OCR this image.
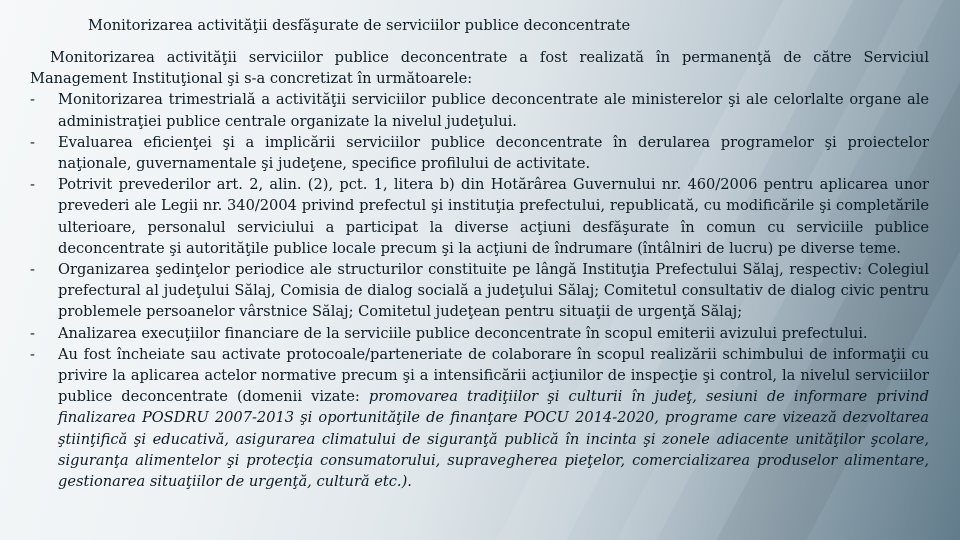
Monitorizarea activităţii desfăşurate de serviciilor publice deconcentrate

Monitorizarea activităţii serviciilor publice deconcentrate a fost realizată în permanenţă de către Serviciul Management Instituţional şi s-a concretizat în următoarele:

- Monitorizarea trimestrială a activităţii serviciilor publice deconcentrate ale ministerelor şi ale celorlalte organe ale administraţiei publice centrale organizate la nivelul judeţului.
- Evaluarea eficienţei şi a implicării serviciilor publice deconcentrate în derularea programelor şi proiectelor naţionale, guvernamentale şi judeţene, specifice profilului de activitate.
- Potrivit prevederilor art. 2, alin. (2), pct. 1, litera b) din Hotărârea Guvernului nr. 460/2006 pentru aplicarea unor prevederi ale Legii nr. 340/2004 privind prefectul şi instituţia prefectului, republicată, cu modificările şi completările ulterioare, personalul serviciului a participat la diverse acţiuni desfăşurate în comun cu serviciile publice deconcentrate şi autorităţile publice locale precum şi la acţiuni de îndrumare (întâlniri de lucru) pe diverse teme.
- Organizarea şedinţelor periodice ale structurilor constituite pe lângă Instituţia Prefectului Sălaj, respectiv: Colegiul prefectural al judeţului Sălaj, Comisia de dialog socială a judeţului Sălaj; Comitetul consultativ de dialog civic pentru problemele persoanelor vârstnice Sălaj; Comitetul judeţean pentru situaţii de urgenţă Sălaj;
- Analizarea execuţiilor financiare de la serviciile publice deconcentrate în scopul emiterii avizului prefectului.
- Au fost încheiate sau activate protocoale/parteneriate de colaborare în scopul realizării schimbului de informaţii cu privire la aplicarea actelor normative precum şi a intensificării acţiunilor de inspecţie şi control, la nivelul serviciilor publice deconcentrate (domenii vizate: promovarea tradiţiilor şi culturii în judeţ, sesiuni de informare privind finalizarea POSDRU 2007-2013 şi oportunităţile de finanţare POCU 2014-2020, programe care vizează dezvoltarea ştiinţifică şi educativă, asigurarea climatului de siguranţă publică în incinta şi zonele adiacente unităţilor şcolare, siguranţa alimentelor şi protecţia consumatorului, supravegherea pieţelor, comercializarea produselor alimentare, gestionarea situaţiilor de urgenţă, cultură etc.).
